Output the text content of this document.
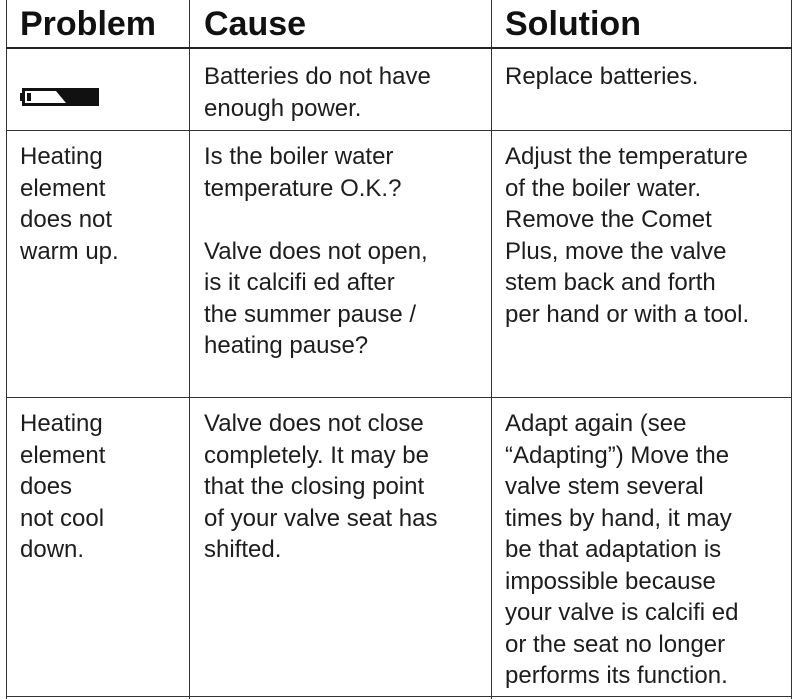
Problem Cause	Solution
Batteries do not have
enough power.
Replace batteries.
Heating
element
does not
warm up.
Is the boiler water
temperature O.K.?

Valve does not open,
is it calcifi ed after
the summer pause /
heating pause?
Adjust the temperature
of the boiler water.
Remove the Comet
Plus, move the valve
stem back and forth
per hand or with a tool.
Heating
element
does
not cool
down.
Valve does not close
completely. It may be
that the closing point
of your valve seat has
shifted.
Adapt again (see
“Adapting”) Move the
valve stem several
times by hand, it may
be that adaptation is
impossible because
your valve is calcifi ed
or the seat no longer
performs its function.
